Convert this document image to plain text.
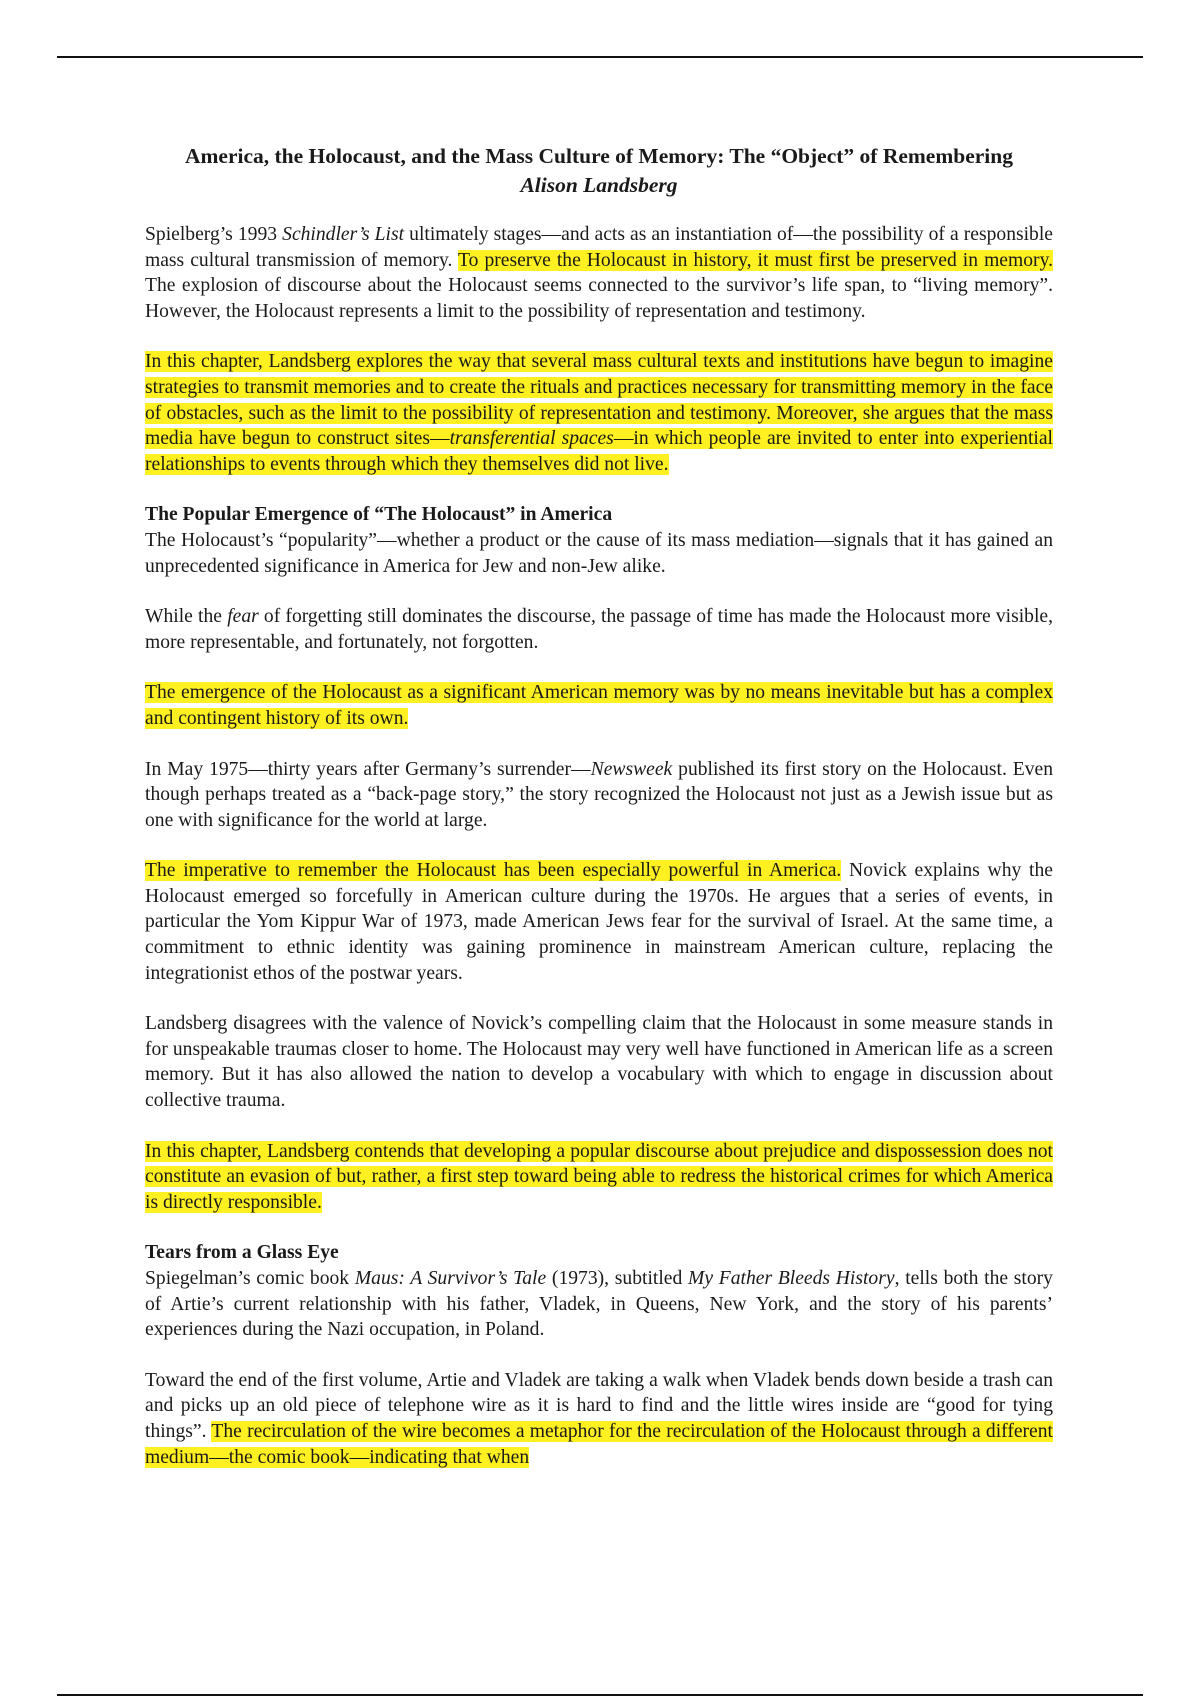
America, the Holocaust, and the Mass Culture of Memory: The “Object” of Remembering
Alison Landsberg

Spielberg’s 1993 Schindler’s List ultimately stages—and acts as an instantiation of—the possibility of a responsible mass cultural transmission of memory. To preserve the Holocaust in history, it must first be preserved in memory. The explosion of discourse about the Holocaust seems connected to the survivor’s life span, to “living memory”. However, the Holocaust represents a limit to the possibility of representation and testimony.

In this chapter, Landsberg explores the way that several mass cultural texts and institutions have begun to imagine strategies to transmit memories and to create the rituals and practices necessary for transmitting memory in the face of obstacles, such as the limit to the possibility of representation and testimony. Moreover, she argues that the mass media have begun to construct sites—transferential spaces—in which people are invited to enter into experiential relationships to events through which they themselves did not live.

The Popular Emergence of “The Holocaust” in America

The Holocaust’s “popularity”—whether a product or the cause of its mass mediation—signals that it has gained an unprecedented significance in America for Jew and non-Jew alike.

While the fear of forgetting still dominates the discourse, the passage of time has made the Holocaust more visible, more representable, and fortunately, not forgotten.

The emergence of the Holocaust as a significant American memory was by no means inevitable but has a complex and contingent history of its own.

In May 1975—thirty years after Germany’s surrender—Newsweek published its first story on the Holocaust. Even though perhaps treated as a “back-page story,” the story recognized the Holocaust not just as a Jewish issue but as one with significance for the world at large.

The imperative to remember the Holocaust has been especially powerful in America. Novick explains why the Holocaust emerged so forcefully in American culture during the 1970s. He argues that a series of events, in particular the Yom Kippur War of 1973, made American Jews fear for the survival of Israel. At the same time, a commitment to ethnic identity was gaining prominence in mainstream American culture, replacing the integrationist ethos of the postwar years.

Landsberg disagrees with the valence of Novick’s compelling claim that the Holocaust in some measure stands in for unspeakable traumas closer to home. The Holocaust may very well have functioned in American life as a screen memory. But it has also allowed the nation to develop a vocabulary with which to engage in discussion about collective trauma.

In this chapter, Landsberg contends that developing a popular discourse about prejudice and dispossession does not constitute an evasion of but, rather, a first step toward being able to redress the historical crimes for which America is directly responsible.

Tears from a Glass Eye

Spiegelman’s comic book Maus: A Survivor’s Tale (1973), subtitled My Father Bleeds History, tells both the story of Artie’s current relationship with his father, Vladek, in Queens, New York, and the story of his parents’ experiences during the Nazi occupation, in Poland.

Toward the end of the first volume, Artie and Vladek are taking a walk when Vladek bends down beside a trash can and picks up an old piece of telephone wire as it is hard to find and the little wires inside are “good for tying things”. The recirculation of the wire becomes a metaphor for the recirculation of the Holocaust through a different medium—the comic book—indicating that when
